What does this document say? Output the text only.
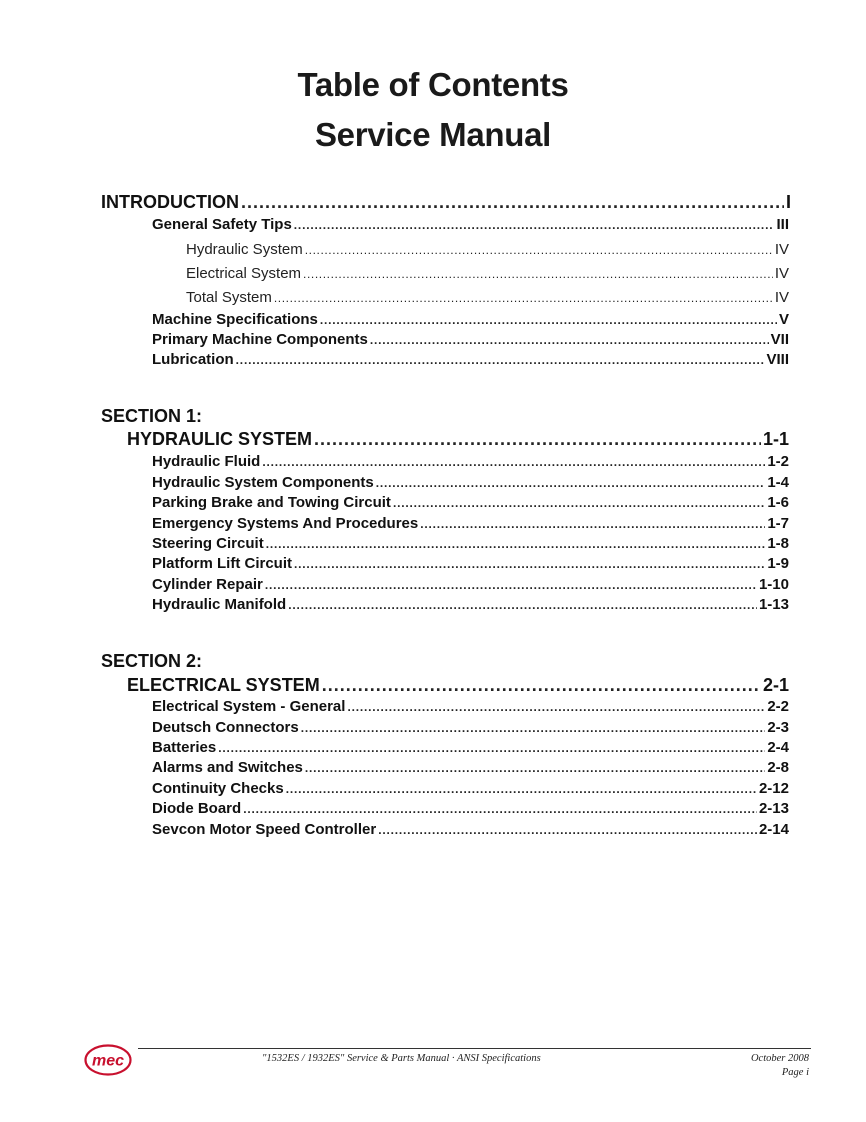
Table of Contents
Service Manual
INTRODUCTION .....	I
General Safety Tips .....	III
Hydraulic System .....	IV
Electrical System .....	IV
Total System .....	IV
Machine Specifications .....	V
Primary Machine Components .....	VII
Lubrication .....	VIII
SECTION 1:
HYDRAULIC SYSTEM .....	1-1
Hydraulic Fluid .....	1-2
Hydraulic System Components .....	1-4
Parking Brake and Towing Circuit .....	1-6
Emergency Systems And Procedures .....	1-7
Steering Circuit .....	1-8
Platform Lift Circuit .....	1-9
Cylinder Repair .....	1-10
Hydraulic Manifold .....	1-13
SECTION 2:
ELECTRICAL SYSTEM .....	2-1
Electrical System - General .....	2-2
Deutsch Connectors .....	2-3
Batteries .....	2-4
Alarms and Switches .....	2-8
Continuity Checks .....	2-12
Diode Board .....	2-13
Sevcon Motor Speed Controller .....	2-14
mec	"1532ES / 1932ES" Service & Parts Manual · ANSI Specifications	October 2008
Page i
